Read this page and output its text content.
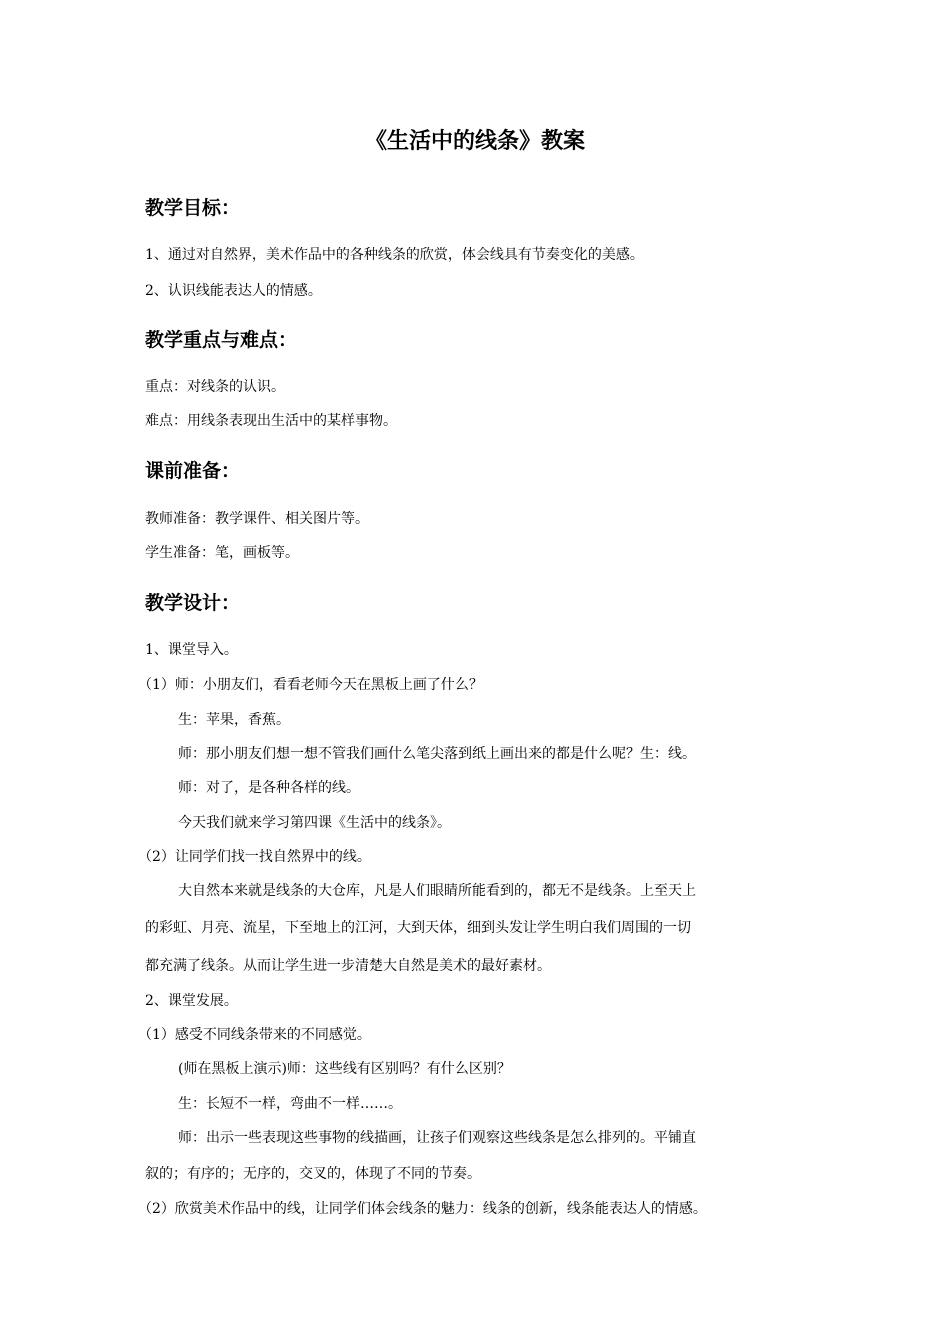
《生活中的线条》教案
教学目标：
1、通过对自然界，美术作品中的各种线条的欣赏，体会线具有节奏变化的美感。
2、认识线能表达人的情感。
教学重点与难点：
重点：对线条的认识。
难点：用线条表现出生活中的某样事物。
课前准备：
教师准备：教学课件、相关图片等。
学生准备：笔，画板等。
教学设计：
1、课堂导入。
（1）师：小朋友们，看看老师今天在黑板上画了什么？
生：苹果，香蕉。
师：那小朋友们想一想不管我们画什么笔尖落到纸上画出来的都是什么呢？生：线。
师：对了，是各种各样的线。
今天我们就来学习第四课《生活中的线条》。
（2）让同学们找一找自然界中的线。
大自然本来就是线条的大仓库，凡是人们眼睛所能看到的，都无不是线条。上至天上
的彩虹、月亮、流星，下至地上的江河，大到天体，细到头发让学生明白我们周围的一切
都充满了线条。从而让学生进一步清楚大自然是美术的最好素材。
2、课堂发展。
（1）感受不同线条带来的不同感觉。
(师在黑板上演示)师：这些线有区别吗？有什么区别？
生：长短不一样，弯曲不一样……。
师：出示一些表现这些事物的线描画，让孩子们观察这些线条是怎么排列的。平铺直
叙的；有序的；无序的，交叉的，体现了不同的节奏。
（2）欣赏美术作品中的线，让同学们体会线条的魅力：线条的创新，线条能表达人的情感。
